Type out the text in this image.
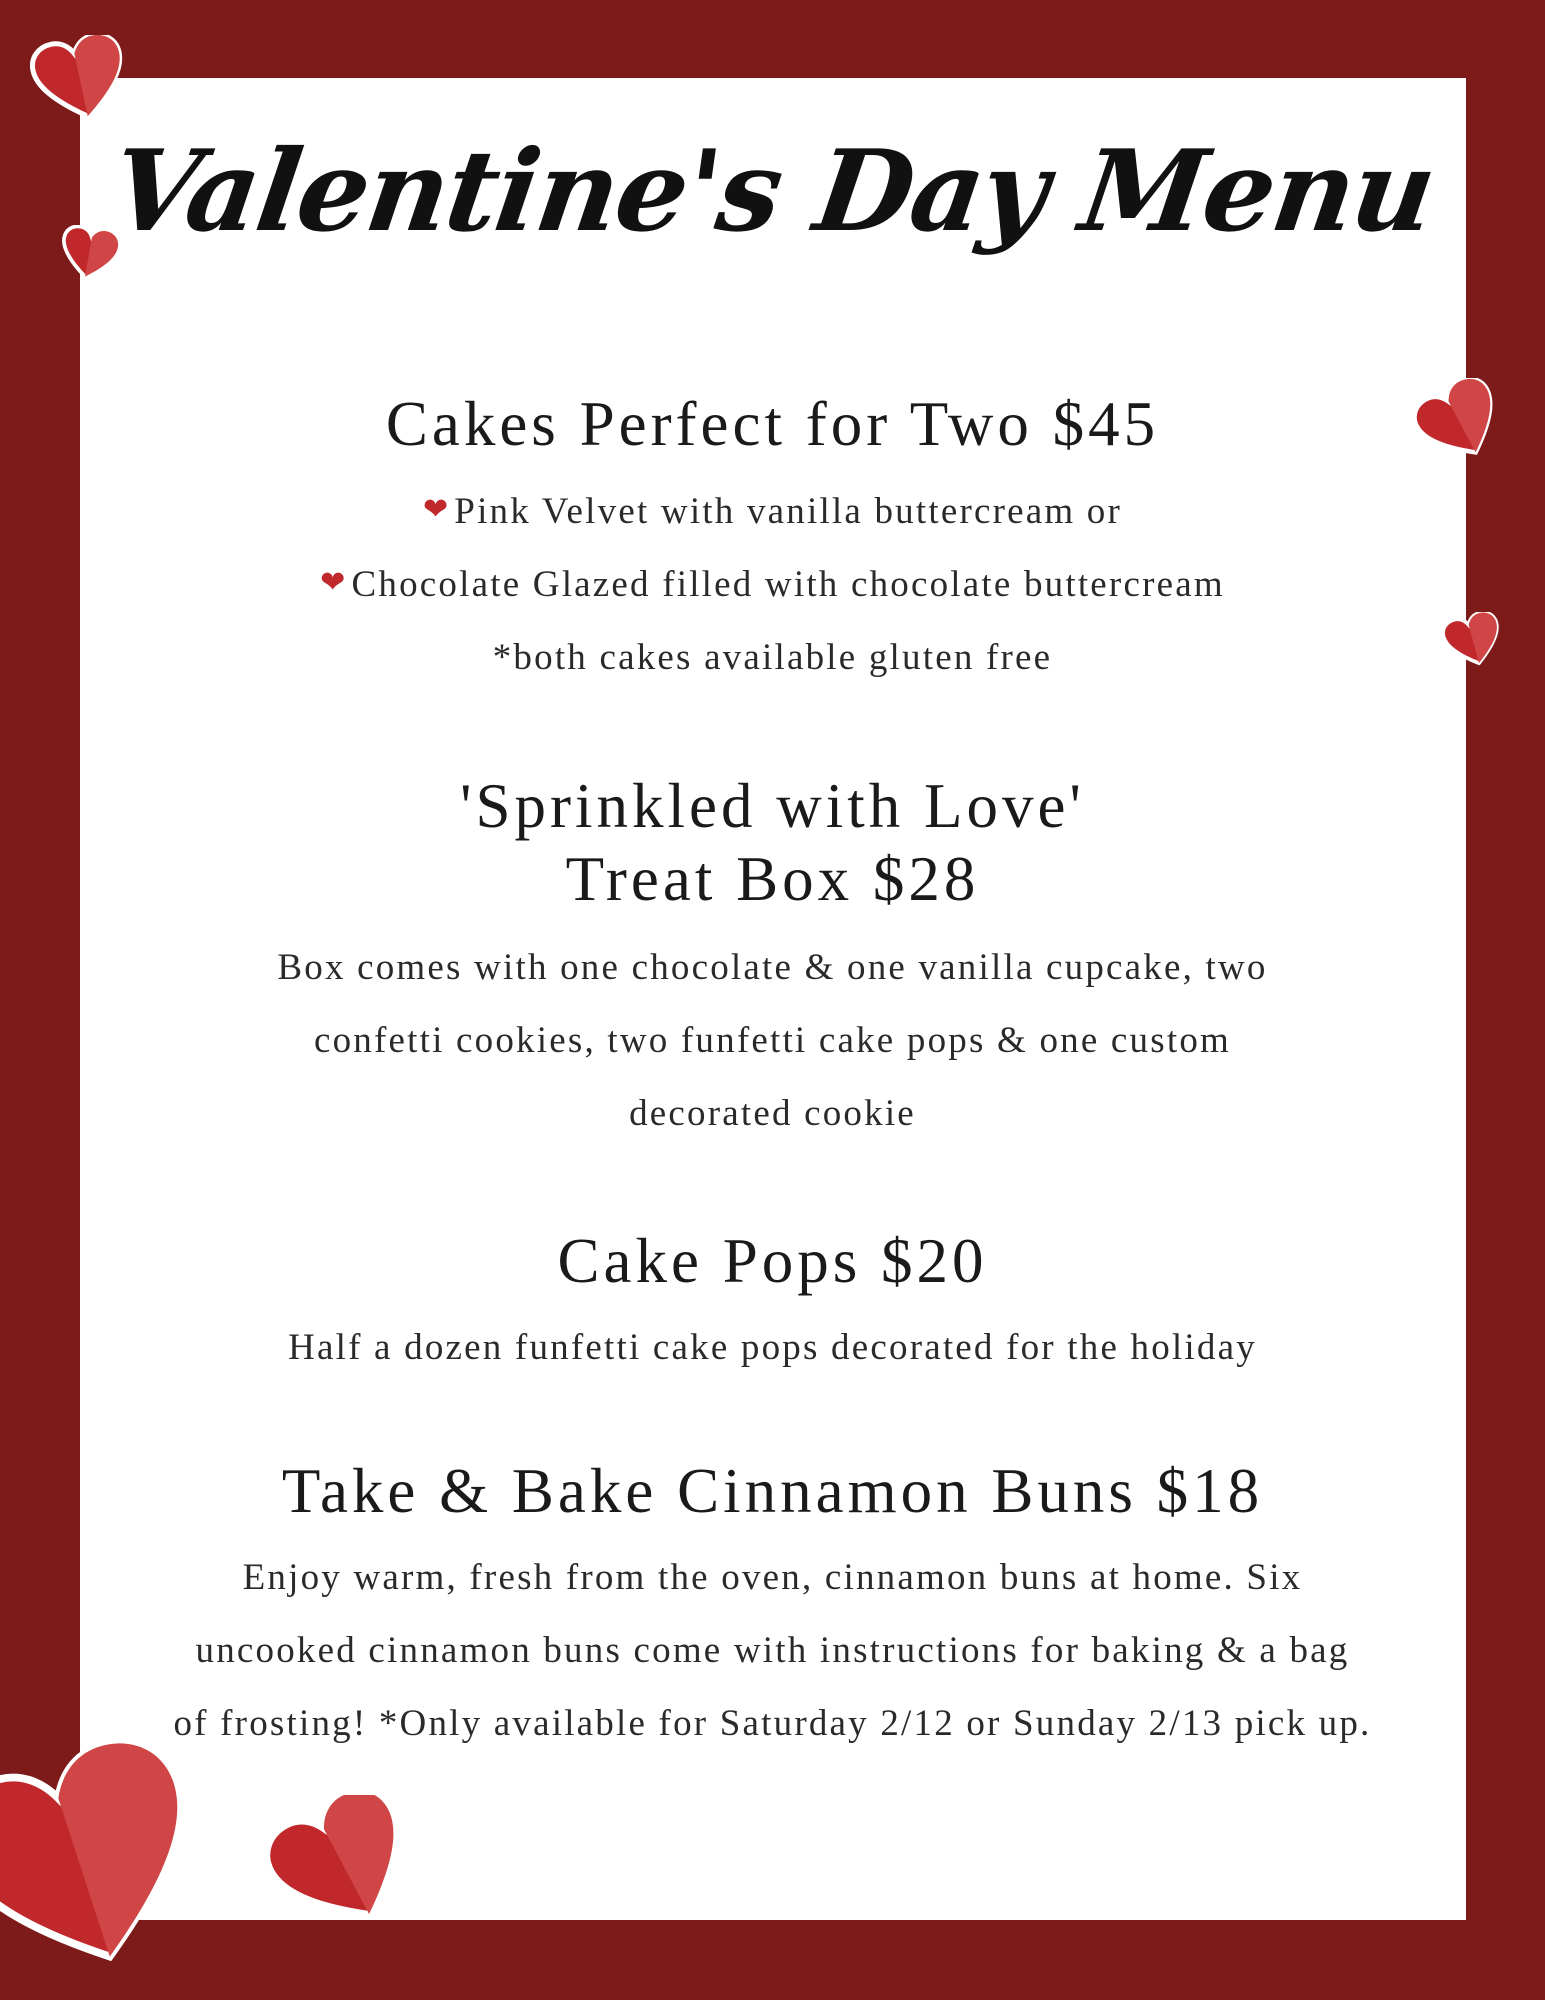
Valentine's Day Menu
Cakes Perfect for Two $45
❤ Pink Velvet with vanilla buttercream or
❤ Chocolate Glazed filled with chocolate buttercream
*both cakes available gluten free
'Sprinkled with Love'
Treat Box $28
Box comes with one chocolate & one vanilla cupcake, two
confetti cookies, two funfetti cake pops & one custom
decorated cookie
Cake Pops $20
Half a dozen funfetti cake pops decorated for the holiday
Take & Bake Cinnamon Buns $18
Enjoy warm, fresh from the oven, cinnamon buns at home. Six
uncooked cinnamon buns come with instructions for baking & a bag
of frosting! *Only available for Saturday 2/12 or Sunday 2/13 pick up.
